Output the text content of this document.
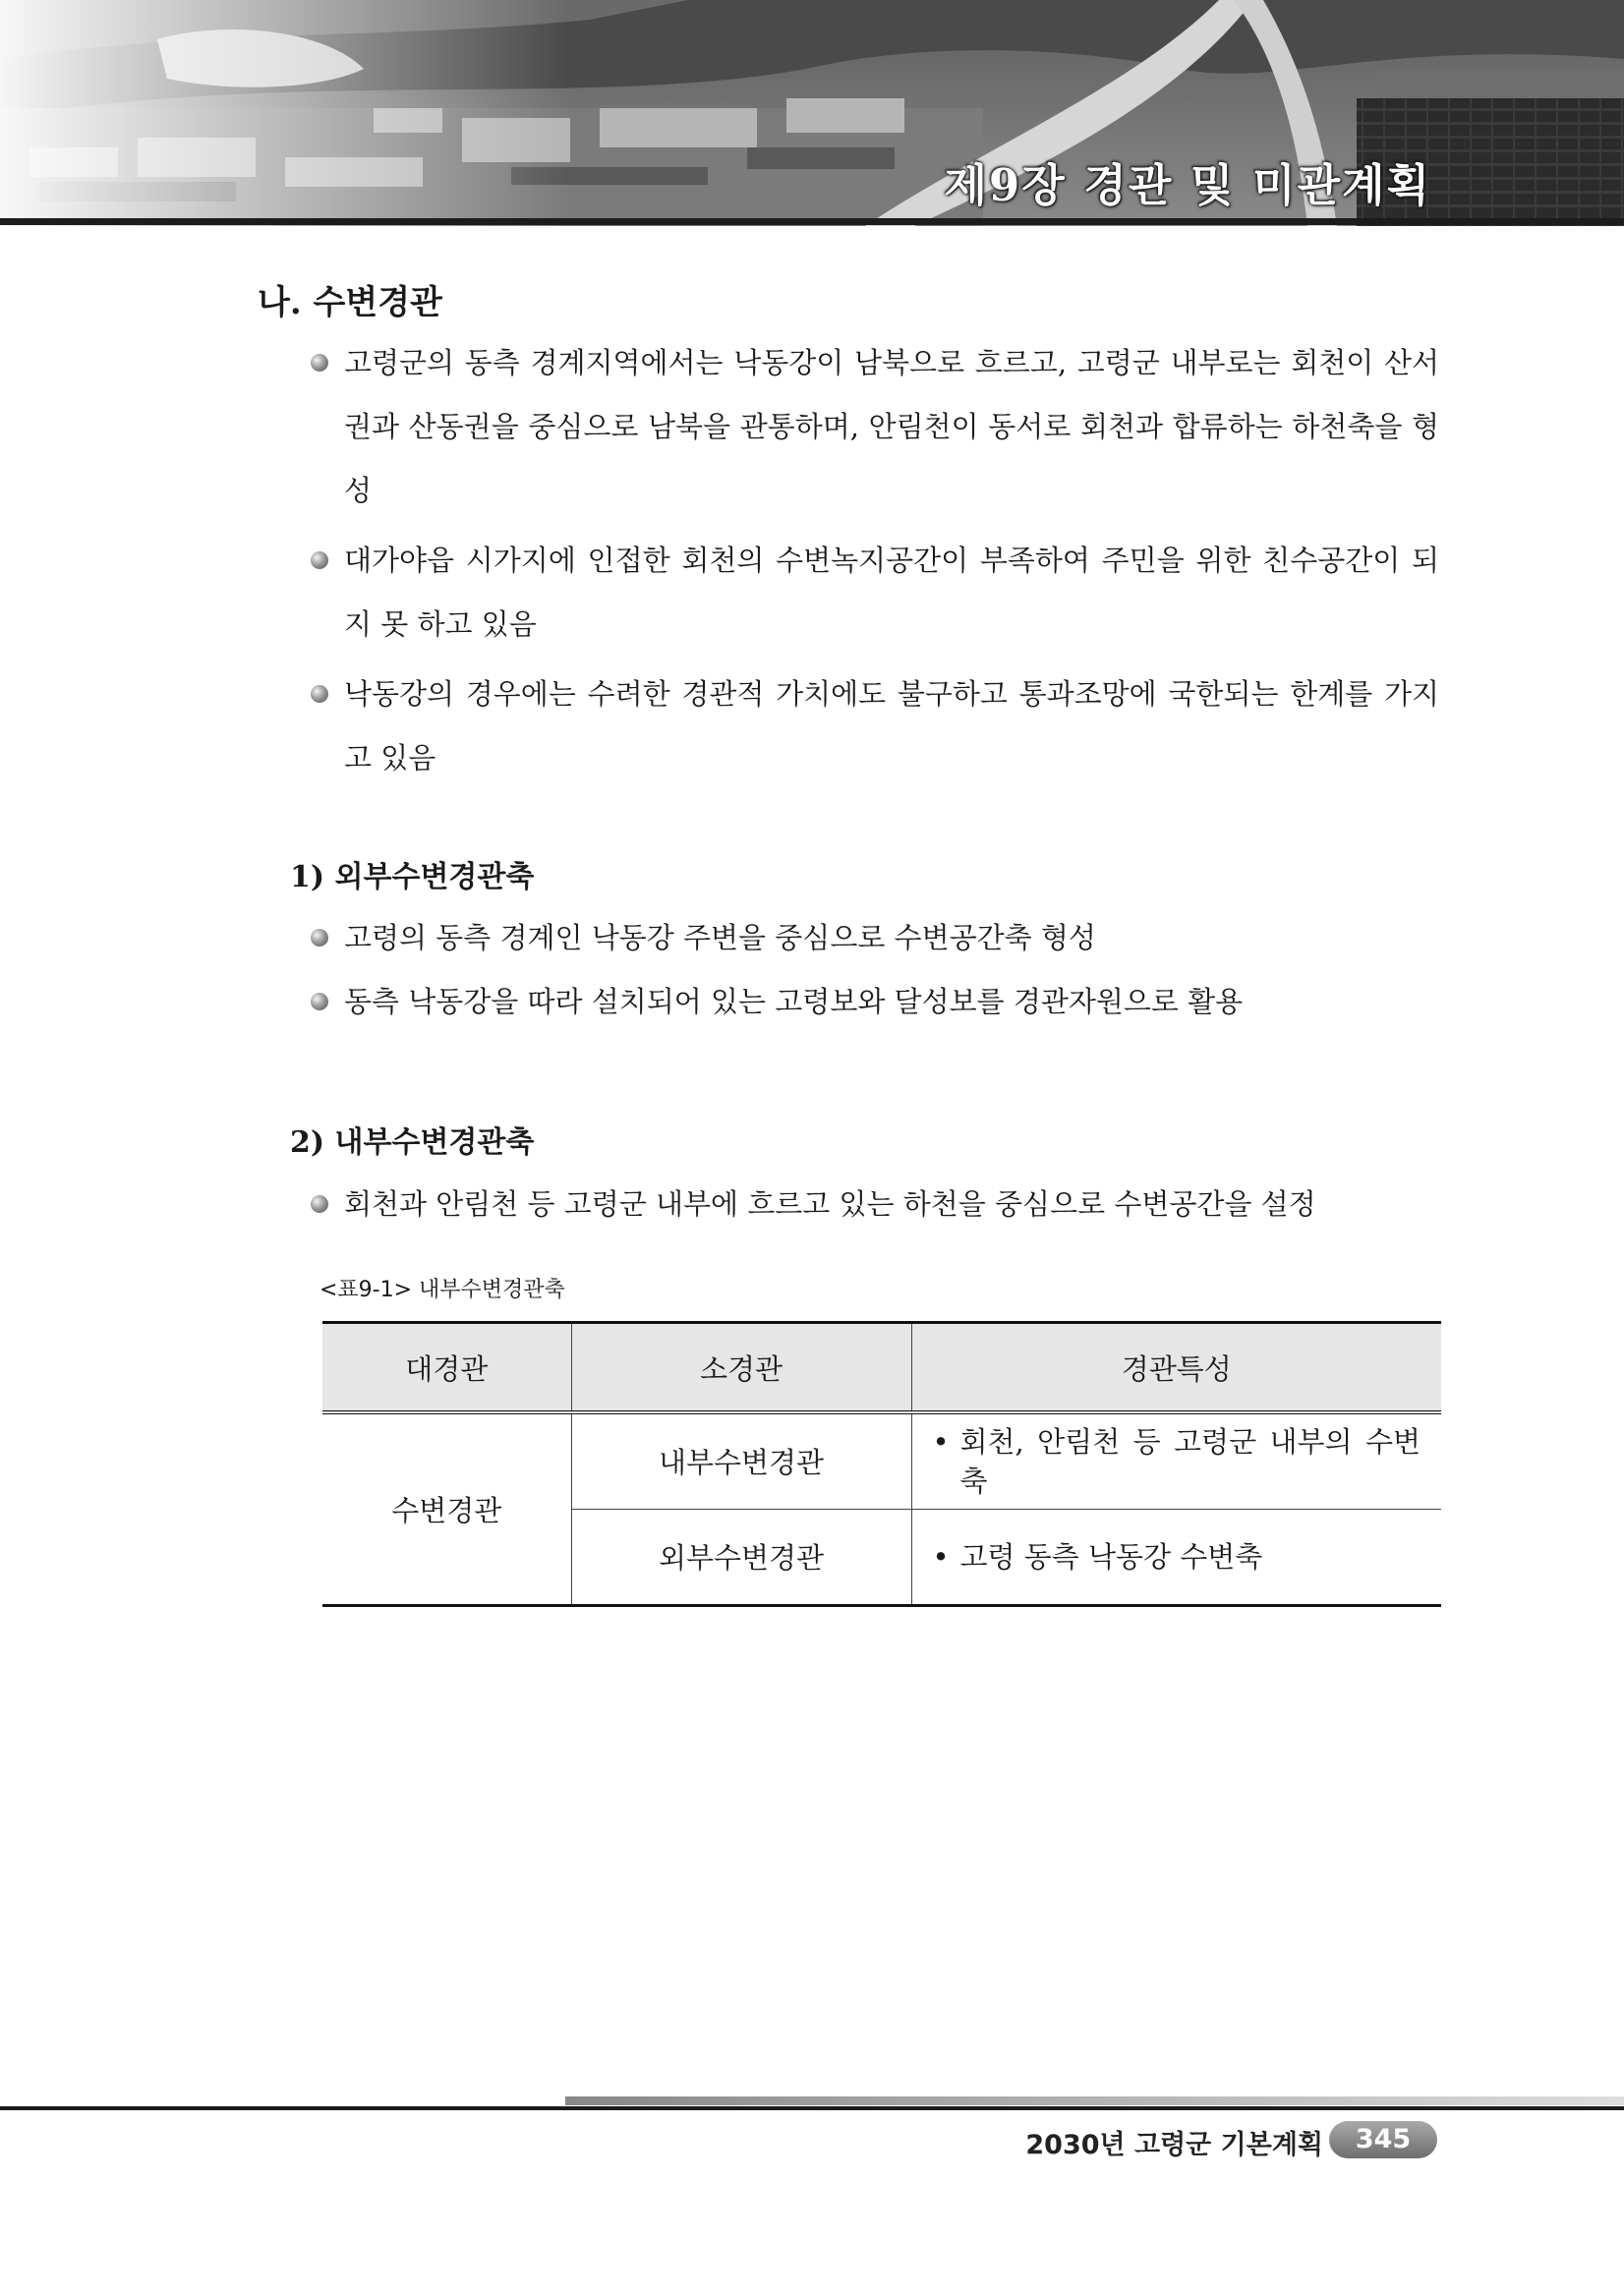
제9장 경관 및 미관계획
나. 수변경관
고령군의 동측 경계지역에서는 낙동강이 남북으로 흐르고, 고령군 내부로는 회천이 산서권과 산동권을 중심으로 남북을 관통하며, 안림천이 동서로 회천과 합류하는 하천축을 형성
대가야읍 시가지에 인접한 회천의 수변녹지공간이 부족하여 주민을 위한 친수공간이 되지 못 하고 있음
낙동강의 경우에는 수려한 경관적 가치에도 불구하고 통과조망에 국한되는 한계를 가지고 있음
1) 외부수변경관축
고령의 동측 경계인 낙동강 주변을 중심으로 수변공간축 형성
동측 낙동강을 따라 설치되어 있는 고령보와 달성보를 경관자원으로 활용
2) 내부수변경관축
회천과 안림천 등 고령군 내부에 흐르고 있는 하천을 중심으로 수변공간을 설정
<표9-1> 내부수변경관축
대경관	소경관	경관특성
수변경관	내부수변경관	• 회천, 안림천 등 고령군 내부의 수변축

	외부수변경관	• 고령 동측 낙동강 수변축
2030년 고령군 기본계획	345
